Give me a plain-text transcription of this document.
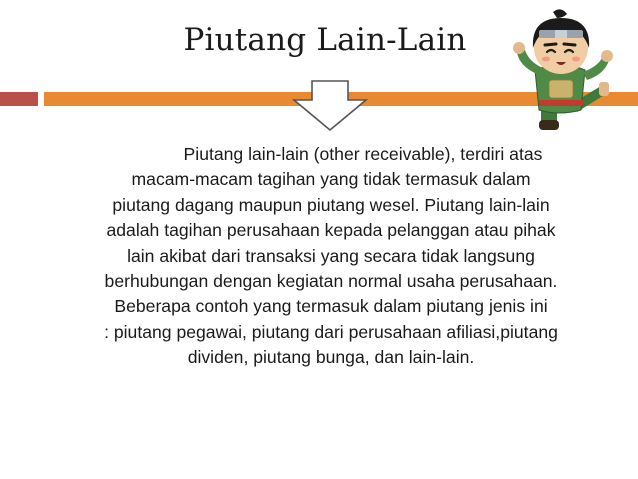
Piutang Lain-Lain

Piutang lain-lain (other receivable), terdiri atas
macam-macam tagihan yang tidak termasuk dalam
piutang dagang maupun piutang wesel. Piutang lain-lain
adalah tagihan perusahaan kepada pelanggan atau pihak
lain akibat dari transaksi yang secara tidak langsung
berhubungan dengan kegiatan normal usaha perusahaan.
Beberapa contoh yang termasuk dalam piutang jenis ini
: piutang pegawai, piutang dari perusahaan afiliasi,piutang
dividen, piutang bunga, dan lain-lain.
